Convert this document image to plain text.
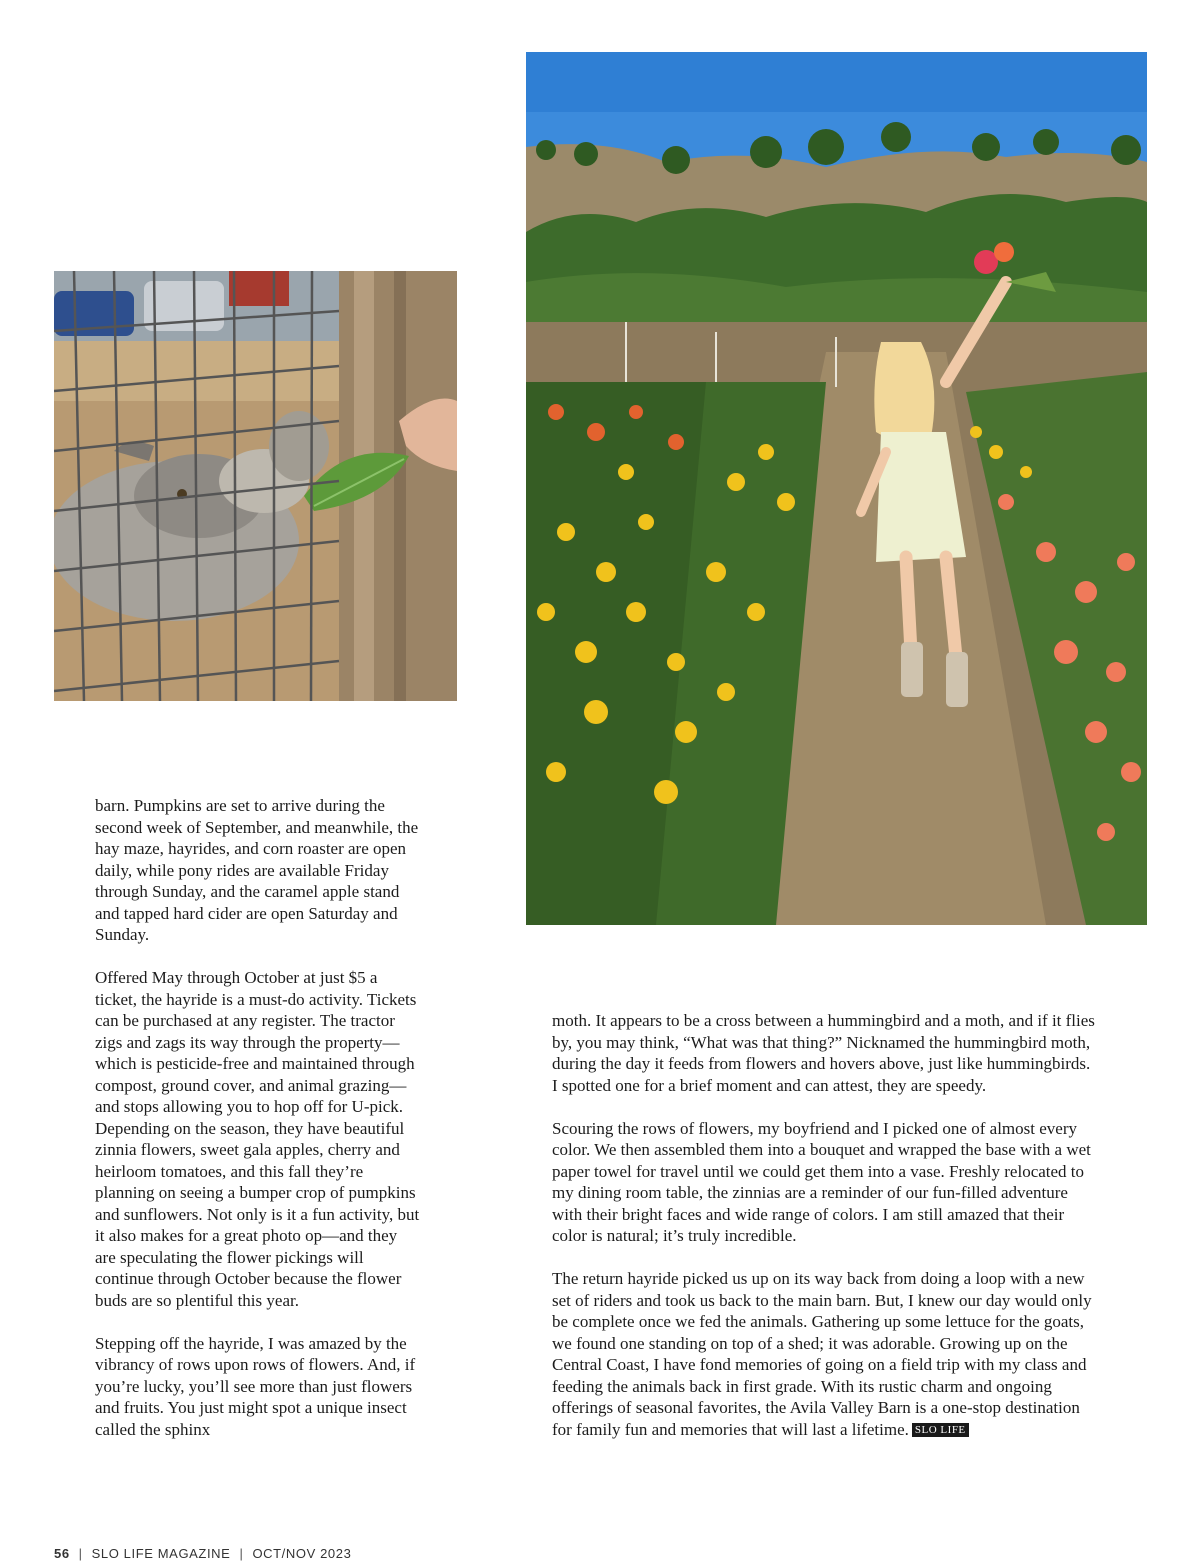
barn. Pumpkins are set to arrive during the second week of September, and meanwhile, the hay maze, hayrides, and corn roaster are open daily, while pony rides are available Friday through Sunday, and the caramel apple stand and tapped hard cider are open Saturday and Sunday.

Offered May through October at just $5 a ticket, the hayride is a must-do activity. Tickets can be purchased at any register. The tractor zigs and zags its way through the property—which is pesticide-free and maintained through compost, ground cover, and animal grazing—and stops allowing you to hop off for U-pick. Depending on the season, they have beautiful zinnia flowers, sweet gala apples, cherry and heirloom tomatoes, and this fall they’re planning on seeing a bumper crop of pumpkins and sunflowers. Not only is it a fun activity, but it also makes for a great photo op—and they are speculating the flower pickings will continue through October because the flower buds are so plentiful this year.

Stepping off the hayride, I was amazed by the vibrancy of rows upon rows of flowers. And, if you’re lucky, you’ll see more than just flowers and fruits. You just might spot a unique insect called the sphinx

moth. It appears to be a cross between a hummingbird and a moth, and if it flies by, you may think, “What was that thing?” Nicknamed the hummingbird moth, during the day it feeds from flowers and hovers above, just like hummingbirds. I spotted one for a brief moment and can attest, they are speedy.

Scouring the rows of flowers, my boyfriend and I picked one of almost every color. We then assembled them into a bouquet and wrapped the base with a wet paper towel for travel until we could get them into a vase. Freshly relocated to my dining room table, the zinnias are a reminder of our fun-filled adventure with their bright faces and wide range of colors. I am still amazed that their color is natural; it’s truly incredible.

The return hayride picked us up on its way back from doing a loop with a new set of riders and took us back to the main barn. But, I knew our day would only be complete once we fed the animals. Gathering up some lettuce for the goats, we found one standing on top of a shed; it was adorable. Growing up on the Central Coast, I have fond memories of going on a field trip with my class and feeding the animals back in first grade. With its rustic charm and ongoing offerings of seasonal favorites, the Avila Valley Barn is a one-stop destination for family fun and memories that will last a lifetime. SLO LIFE

56 | SLO LIFE MAGAZINE | OCT/NOV 2023
